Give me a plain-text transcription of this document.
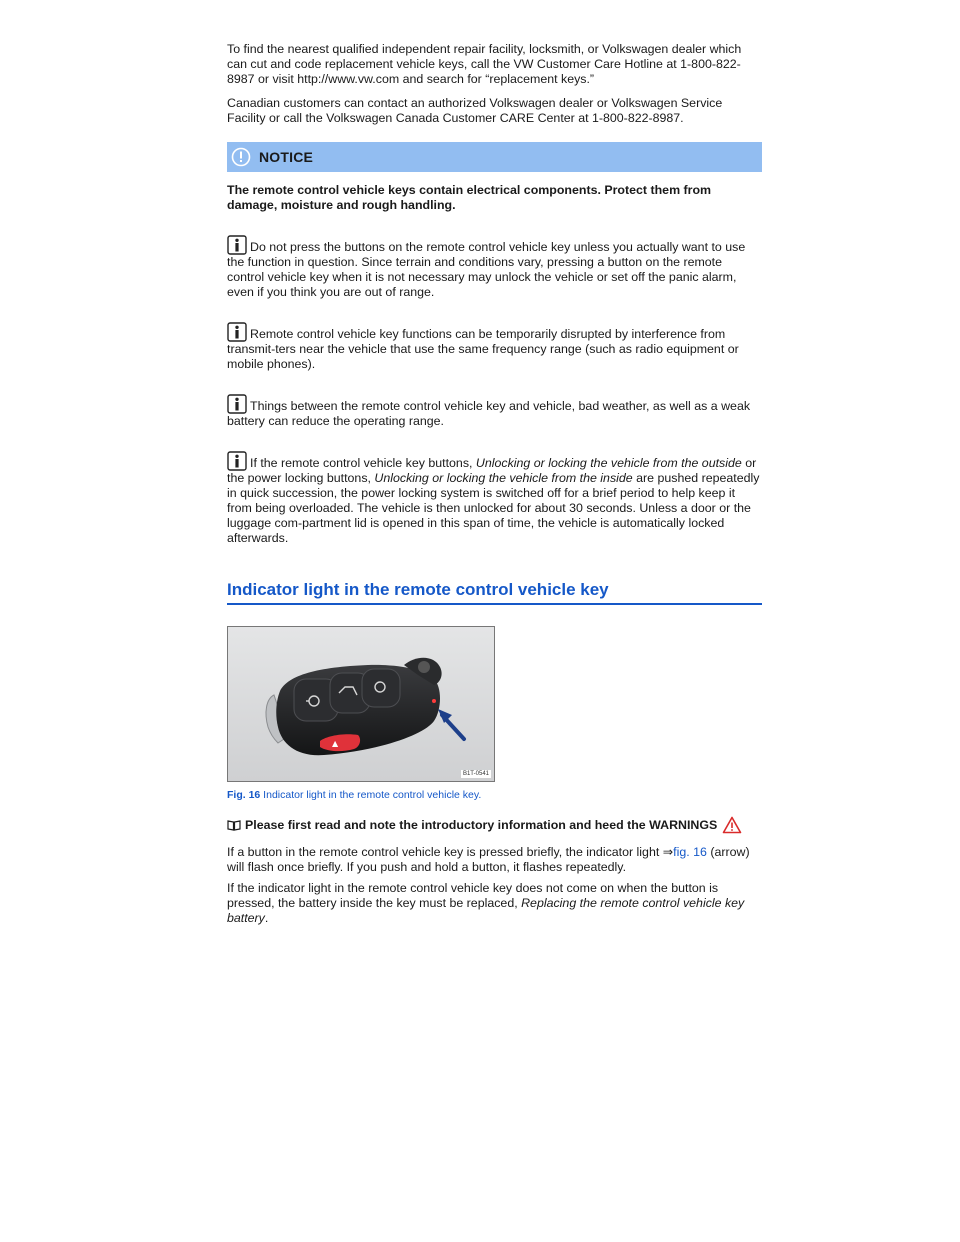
To find the nearest qualified independent repair facility, locksmith, or Volkswagen dealer which can cut and code replacement vehicle keys, call the VW Customer Care Hotline at 1-800-822-8987 or visit http://www.vw.com and search for “replacement keys.”

Canadian customers can contact an authorized Volkswagen dealer or Volkswagen Service Facility or call the Volkswagen Canada Customer CARE Center at 1-800-822-8987.

NOTICE

The remote control vehicle keys contain electrical components. Protect them from damage, moisture and rough handling.

Do not press the buttons on the remote control vehicle key unless you actually want to use the function in question. Since terrain and conditions vary, pressing a button on the remote control vehicle key when it is not necessary may unlock the vehicle or set off the panic alarm, even if you think you are out of range.

Remote control vehicle key functions can be temporarily disrupted by interference from transmit-ters near the vehicle that use the same frequency range (such as radio equipment or mobile phones).

Things between the remote control vehicle key and vehicle, bad weather, as well as a weak battery can reduce the operating range.

If the remote control vehicle key buttons, Unlocking or locking the vehicle from the outside or the power locking buttons, Unlocking or locking the vehicle from the inside are pushed repeatedly in quick succession, the power locking system is switched off for a brief period to help keep it from being overloaded. The vehicle is then unlocked for about 30 seconds. Unless a door or the luggage com-partment lid is opened in this span of time, the vehicle is automatically locked afterwards.

Indicator light in the remote control vehicle key
▲
B1T-0541

Fig. 16 Indicator light in the remote control vehicle key.

Please first read and note the introductory information and heed the WARNINGS

If a button in the remote control vehicle key is pressed briefly, the indicator light ⇒fig. 16 (arrow) will flash once briefly. If you push and hold a button, it flashes repeatedly.

If the indicator light in the remote control vehicle key does not come on when the button is pressed, the battery inside the key must be replaced, Replacing the remote control vehicle key battery.
